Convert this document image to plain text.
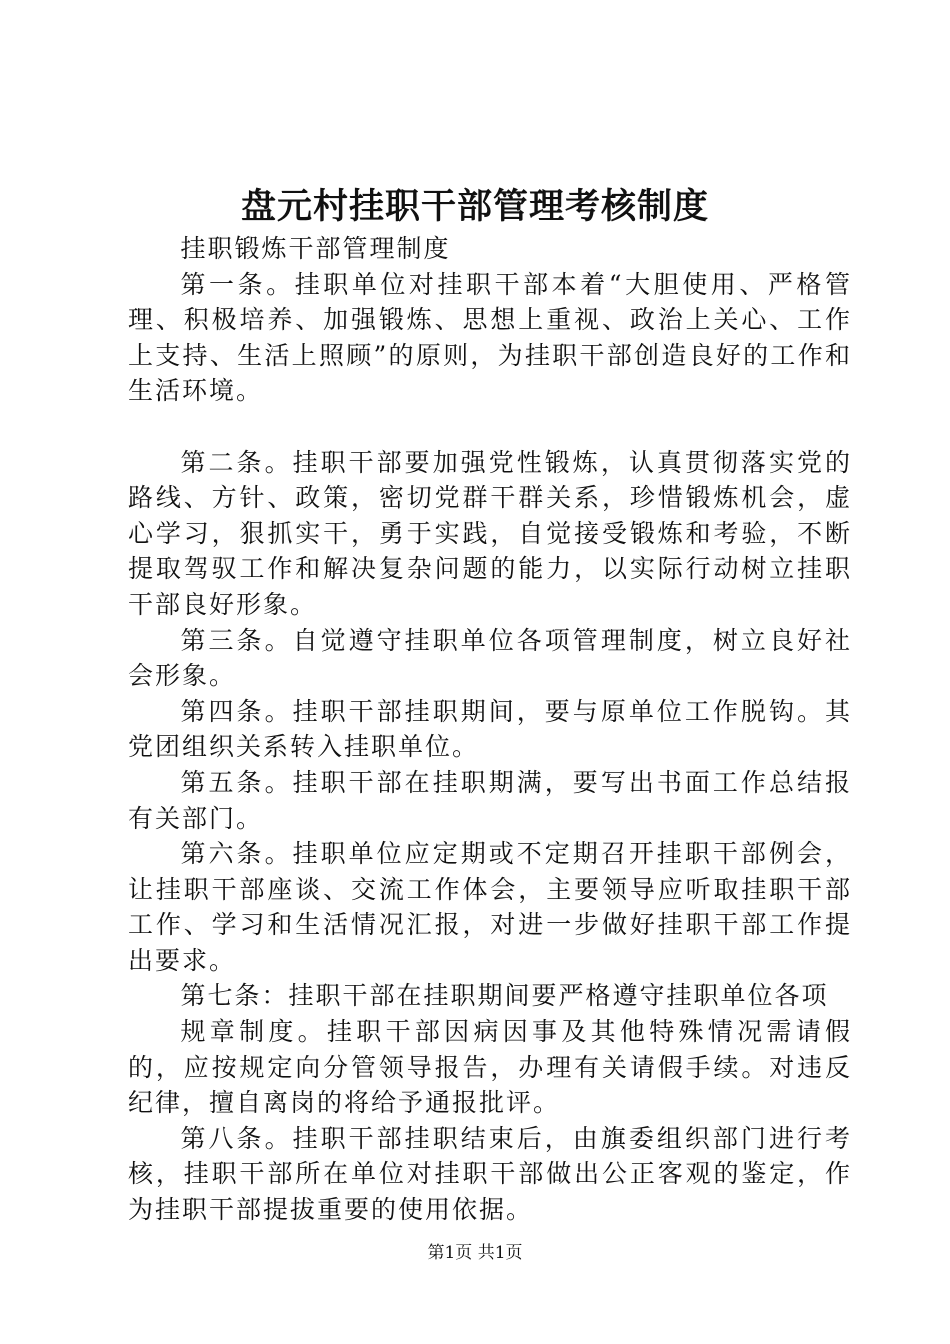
盘元村挂职干部管理考核制度

挂职锻炼干部管理制度

第一条。挂职单位对挂职干部本着“大胆使用、严格管理、积极培养、加强锻炼、思想上重视、政治上关心、工作上支持、生活上照顾”的原则，为挂职干部创造良好的工作和生活环境。

第二条。挂职干部要加强党性锻炼，认真贯彻落实党的路线、方针、政策，密切党群干群关系，珍惜锻炼机会，虚心学习，狠抓实干，勇于实践，自觉接受锻炼和考验，不断提取驾驭工作和解决复杂问题的能力，以实际行动树立挂职干部良好形象。

第三条。自觉遵守挂职单位各项管理制度，树立良好社会形象。

第四条。挂职干部挂职期间，要与原单位工作脱钩。其党团组织关系转入挂职单位。

第五条。挂职干部在挂职期满，要写出书面工作总结报有关部门。

第六条。挂职单位应定期或不定期召开挂职干部例会，让挂职干部座谈、交流工作体会，主要领导应听取挂职干部工作、学习和生活情况汇报，对进一步做好挂职干部工作提出要求。

第七条：挂职干部在挂职期间要严格遵守挂职单位各项

规章制度。挂职干部因病因事及其他特殊情况需请假的，应按规定向分管领导报告，办理有关请假手续。对违反纪律，擅自离岗的将给予通报批评。

第八条。挂职干部挂职结束后，由旗委组织部门进行考核，挂职干部所在单位对挂职干部做出公正客观的鉴定，作为挂职干部提拔重要的使用依据。

第1页 共1页
